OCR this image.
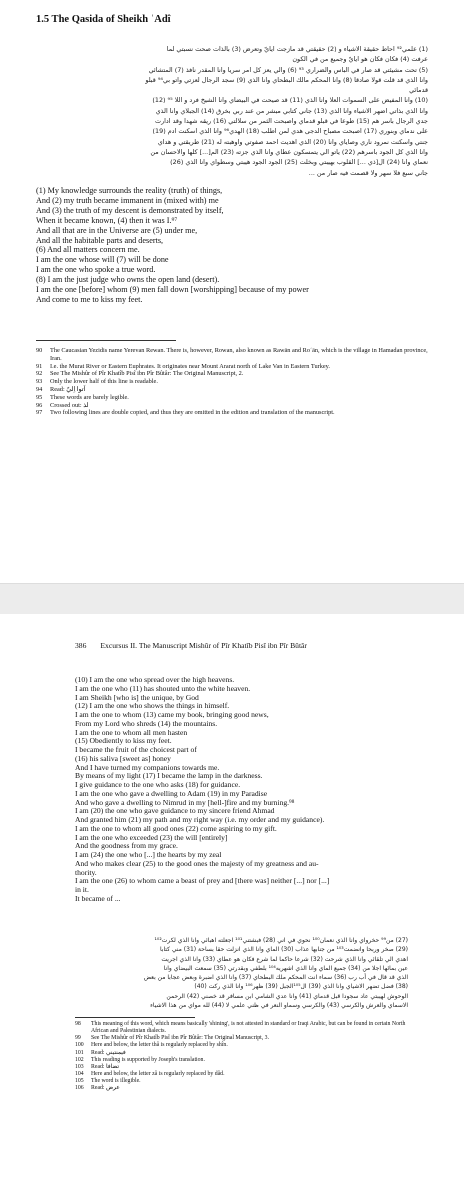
1.5 The Qasida of Sheikh ʿAdî
(1) علمي⁹² احاط حقيقة الاشياء و (2) حقيقتي قد مازجت ايايّ وتعرض (3) بالذات صحت نسبتي لما
عرفت (4) فكان فكان هو ايايّ وجميع من في الكون
(5) تحت مشيئتي قد صار في الباس والضراري ⁹³ (6) والي يعز كل امر سريا وانا المقدر نافذ (7) المتشائي
وانا الذي قد قلت قولا صادقا (8) وانا المحكم مالك البطحاي وانا الذي (9) سجد الرجال لعزتي واتو بي⁹⁴ قبلو
قدمائي
(10) وانا المفيض على السموات العلا وانا الذي (11) قد صيحت في البيضاي وانا الشيخ فرد و اللا ⁹⁵ (12)
وانا الذي بذاتي اضهر الاشياء وانا الذي (13) جاني كتابي مبشر من عند ربي بخرق (14) الجبلاي وانا الذي
جدي الرجال باسر هم (15) طوعا في قبلو قدماي واصبحت الثمر من سلالتي (16) ريقه شهدا وقد ادارت
على ندماي وبنوري (17) اصبحت مصباح الدجى هدي لمن اطلب (18) الهدي⁹⁶ وانا الذي اسكنت ادم (19)
جنتي واسكنت نمرود ناري وصاياي وانا (20) الذي اهديت احمد صفوتي واوهبته له (21) طريقتي و هداي
وانا الذي كل الجود باسرهم (22) ياتو الي يتمسكون عطاي وانا الذي جزته (23) الم[...] كلها والاحسان من
نعماي وانا (24) ال[ذي ...] القلوب بهيبتي وبخلت (25) الجود الجود هيبتي وسطواي وانا الذي (26)
جاني سبع فلا سهر ولا قصمت فيه صار من ...
(1) My knowledge surrounds the reality (truth) of things,
And (2) my truth became immanent in (mixed with) me
And (3) the truth of my descent is demonstrated by itself,
When it became known, (4) then it was I.⁹⁷
And all that are in the Universe are (5) under me,
And all the habitable parts and deserts,
(6) And all matters concern me.
I am the one whose will (7) will be done
I am the one who spoke a true word.
(8) I am the just judge who owns the open land (desert).
I am the one [before] whom (9) men fall down [worshipping] because of my power
And come to me to kiss my feet.
90	The Caucasian Yezidis name Yerevan Rewan. There is, however, Rowan, also known as Rawān and Roʿān, which is the village in Hamadan province, Iran.
91	I.e. the Murat River or Eastern Euphrates. It originates near Mount Ararat north of Lake Van in Eastern Turkey.
92	See The Mishûr of Pîr Khatîb Pisî ibn Pîr Bûtâr: The Original Manuscript, 2.
93	Only the lower half of this line is readable.
94	Read: اَتوا اِليّ
95	These words are barely legible.
96	Crossed out: لذ
97	Two following lines are double copied, and thus they are omitted in the edition and translation of the manuscript.
386 Excursus II. The Manuscript Mishûr of Pîr Khatîb Pisî ibn Pîr Bûtâr
(10) I am the one who spread over the high heavens.
I am the one who (11) has shouted unto the white heaven.
I am Sheikh [who is] the unique, by God
(12) I am the one who shows the things in himself.
I am the one to whom (13) came my book, bringing good news,
From my Lord who shreds (14) the mountains.
I am the one to whom all men hasten
(15) Obediently to kiss my feet.
I became the fruit of the choicest part of
(16) his saliva [sweet as] honey
And I have turned my companions towards me.
By means of my light (17) I became the lamp in the darkness.
I give guidance to the one who asks (18) for guidance.
I am the one who gave a dwelling to Adam (19) in my Paradise
And who gave a dwelling to Nimrud in my [hell-]fire and my burning.⁹⁸
I am (20) the one who gave guidance to my sincere friend Ahmad
And granted him (21) my path and my right way (i.e. my order and my guidance).
I am the one to whom all good ones (22) come aspiring to my gift.
I am the one who exceeded (23) the will [entirely]
And the goodness from my grace.
I am (24) the one who [...] the hearts by my zeal
And who makes clear (25) to the good ones the majesty of my greatness and au-
thority.
I am the one (26) to whom came a beast of prey and [there was] neither [...] nor [...]
in it.
It became of ...
(27) من⁹⁹ حخرواي وانا الذي نعمان¹⁰⁰ نحوي في اني (28) فبشتني¹⁰¹ اجعلته اهبائي وانا الذي لكرت¹⁰²
(29) صخر وربحا وانضمت¹⁰³ من جنابها عذاب (30) الماي وانا الذي انزلت حقا بساحة (31) مني كتابا
اهدي الي تلقائي وانا الذي شرحت (32) شرعا حاكما لما شرع فكان هو عطاي (33) وانا الذي اجريت
عين بمائها اجلا من (34) جميع الماي وانا الذي اشهريه¹⁰⁴ بلطفي وبقدرتي (35) سمعت البيضاي وانا
الذي قد قال في أب رب (36) سماء انت المحكم ملك البطحاي (37) وانا الذي اضبرة وبعض عجابا من بعض
(38) فضل تضهر الاشياي وانا الذي (39) ال¹⁰⁵الجبل (39) ظهر¹⁰⁶ وانا الذي ركت (40)
الوحوش لهيبتي عاد سجودا قبل قدماي (41) وانا عدي الشامي ابن مسافر قد خصني (42) الرحمن
الاسماي والعرش والكرسي (43) والكرسي وسماو النعر في ظني علمي لا (44) لله مواي من هذا الاشياء
98	This meaning of this word, which means basically 'shining', is not attested in standard or Iraqi Arabic, but can be found in certain North African and Palestinian dialects.
99	See The Mishûr of Pîr Khatîb Pisî ibn Pîr Bûtâr: The Original Manuscript, 3.
100	Here and below, the letter thâ is regularly replaced by shîn.
101	Read: فيمنتيني
102	This reading is supported by Joseph's translation.
103	Read: تضافا
104	Here and below, the letter zâ is regularly replaced by dâd.
105	The word is illegible.
106	Read: عرض
